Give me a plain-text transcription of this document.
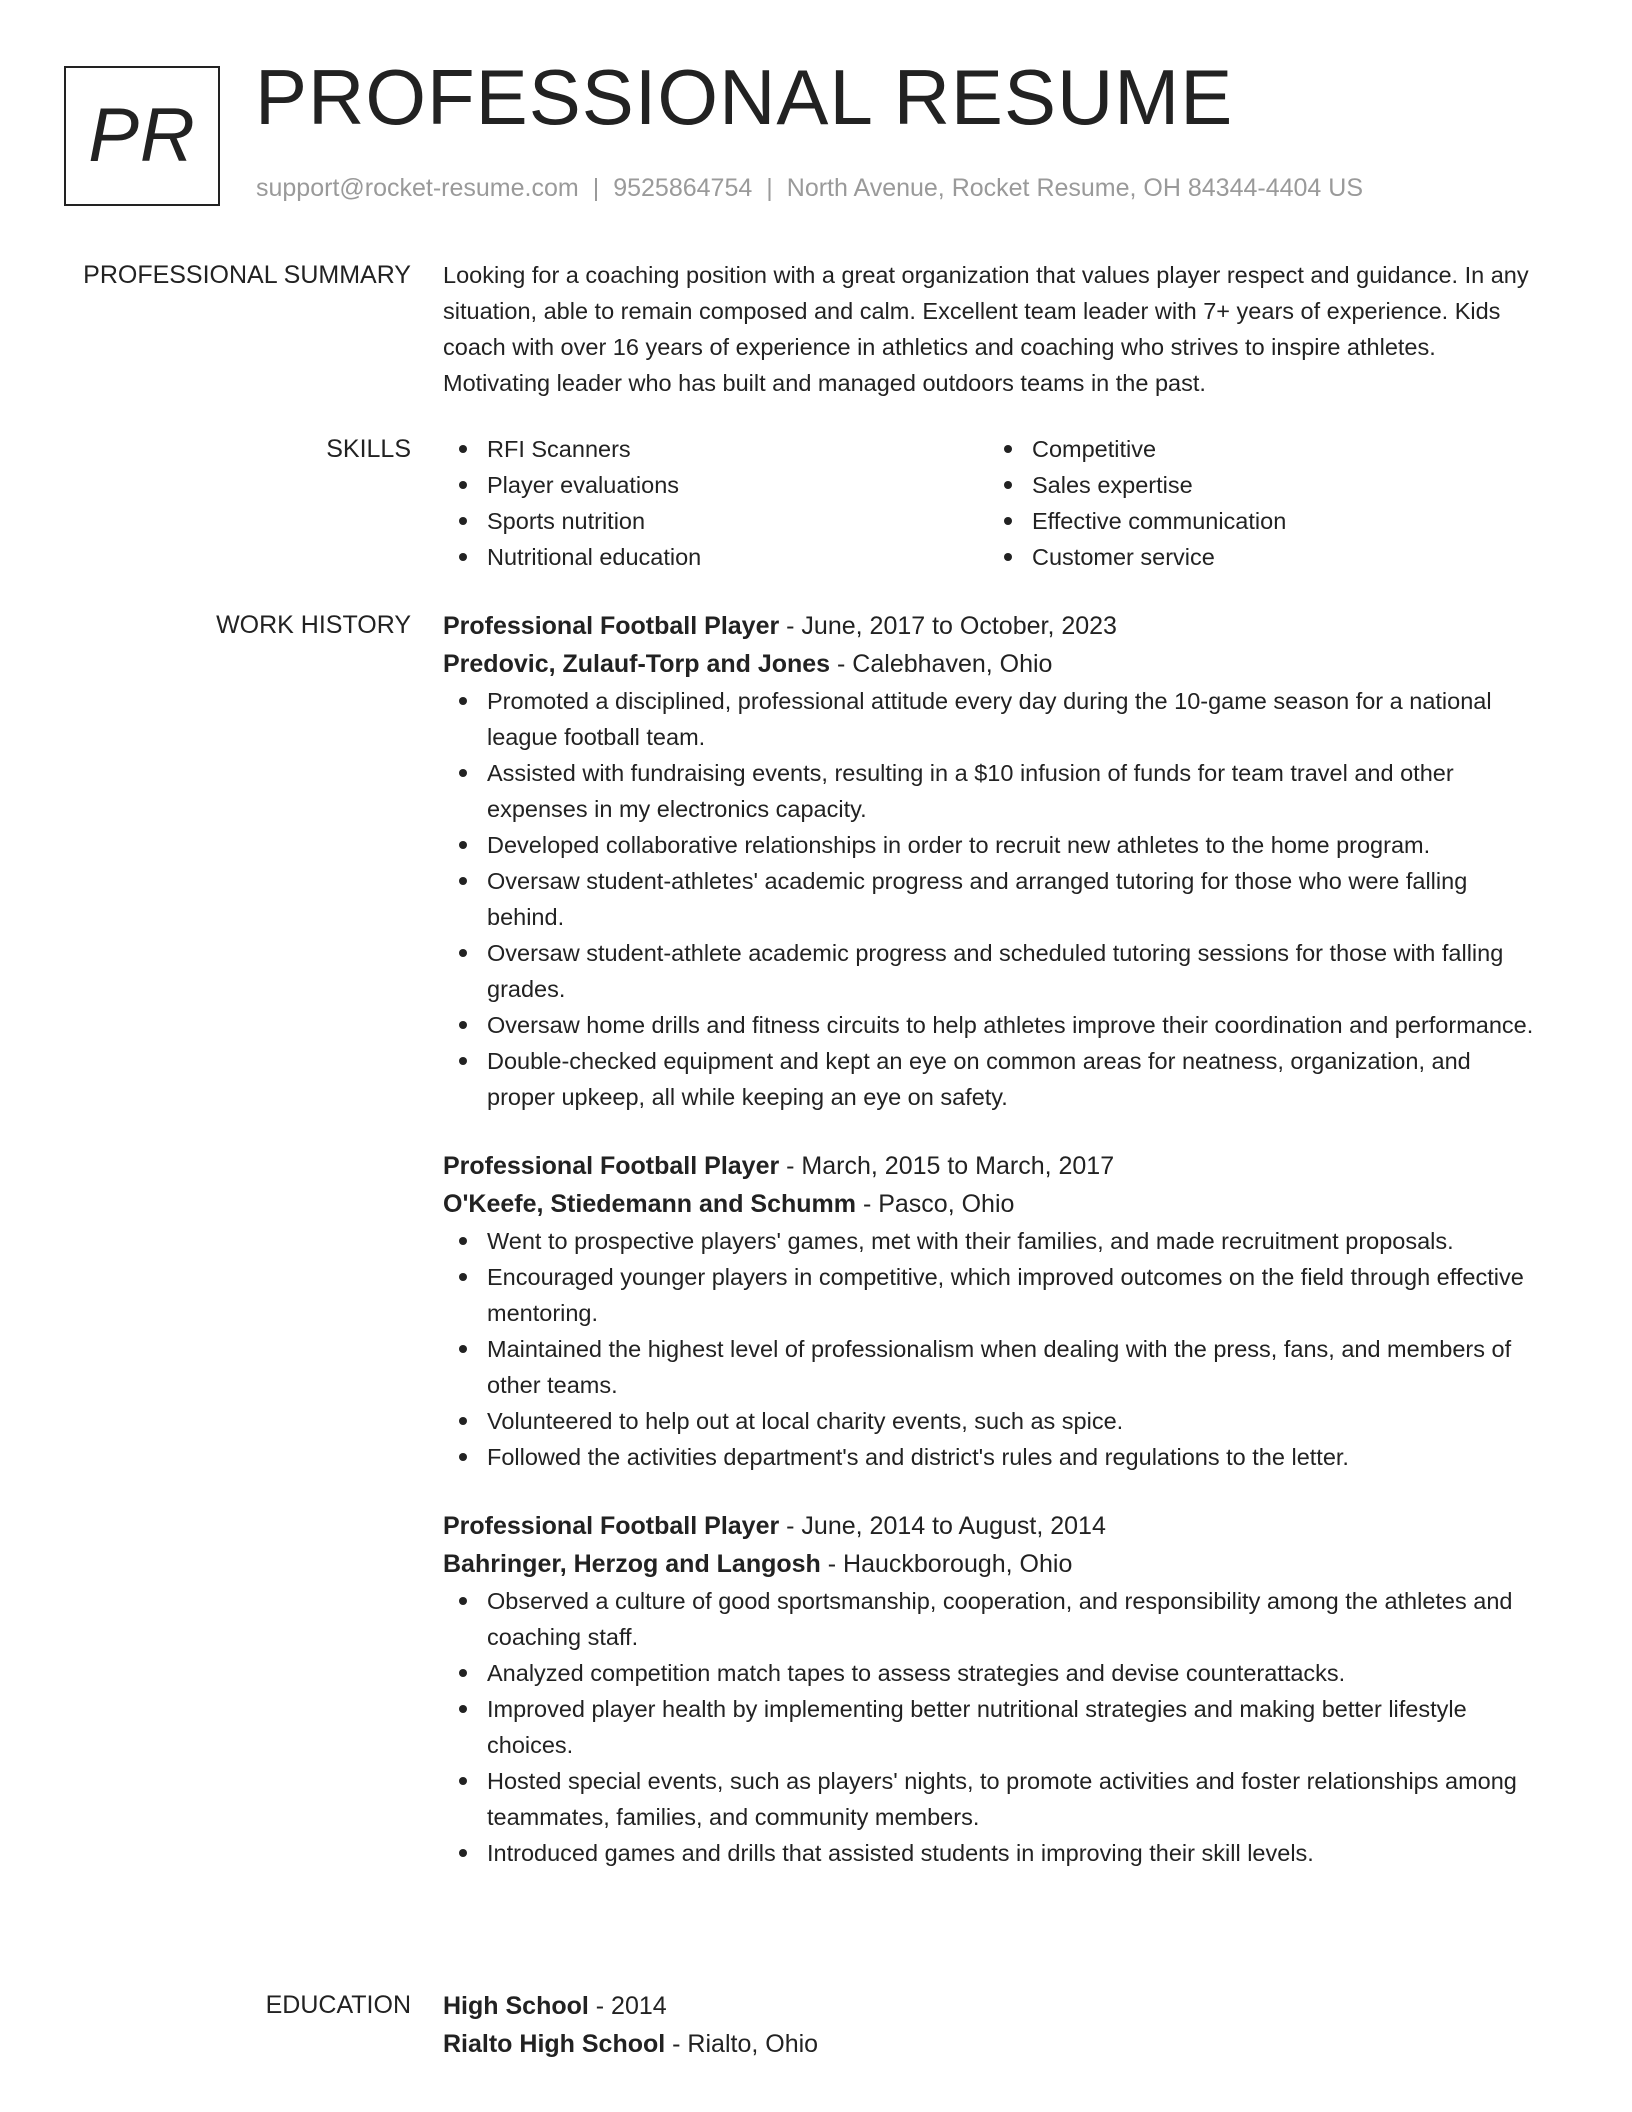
PR PROFESSIONAL RESUME
support@rocket-resume.com | 9525864754 | North Avenue, Rocket Resume, OH 84344-4404 US
PROFESSIONAL SUMMARY Looking for a coaching position with a great organization that values player respect and guidance. In any situation, able to remain composed and calm. Excellent team leader with 7+ years of experience. Kids coach with over 16 years of experience in athletics and coaching who strives to inspire athletes. Motivating leader who has built and managed outdoors teams in the past.

SKILLS	RFI Scanners
Player evaluations
Sports nutrition
Nutritional education
Competitive
Sales expertise
Effective communication
Customer service
WORK HISTORY Professional Football Player - June, 2017 to October, 2023
Predovic, Zulauf-Torp and Jones - Calebhaven, Ohio
Promoted a disciplined, professional attitude every day during the 10-game season for a national league football team.
Assisted with fundraising events, resulting in a $10 infusion of funds for team travel and other expenses in my electronics capacity.
Developed collaborative relationships in order to recruit new athletes to the home program.
Oversaw student-athletes' academic progress and arranged tutoring for those who were falling behind.
Oversaw student-athlete academic progress and scheduled tutoring sessions for those with falling grades.
Oversaw home drills and fitness circuits to help athletes improve their coordination and performance.
Double-checked equipment and kept an eye on common areas for neatness, organization, and proper upkeep, all while keeping an eye on safety.
Professional Football Player - March, 2015 to March, 2017
O'Keefe, Stiedemann and Schumm - Pasco, Ohio
Went to prospective players' games, met with their families, and made recruitment proposals.
Encouraged younger players in competitive, which improved outcomes on the field through effective mentoring.
Maintained the highest level of professionalism when dealing with the press, fans, and members of other teams.
Volunteered to help out at local charity events, such as spice.
Followed the activities department's and district's rules and regulations to the letter.
Professional Football Player - June, 2014 to August, 2014
Bahringer, Herzog and Langosh - Hauckborough, Ohio
Observed a culture of good sportsmanship, cooperation, and responsibility among the athletes and coaching staff.
Analyzed competition match tapes to assess strategies and devise counterattacks.
Improved player health by implementing better nutritional strategies and making better lifestyle choices.
Hosted special events, such as players' nights, to promote activities and foster relationships among teammates, families, and community members.
Introduced games and drills that assisted students in improving their skill levels.
EDUCATION High School - 2014
Rialto High School - Rialto, Ohio
